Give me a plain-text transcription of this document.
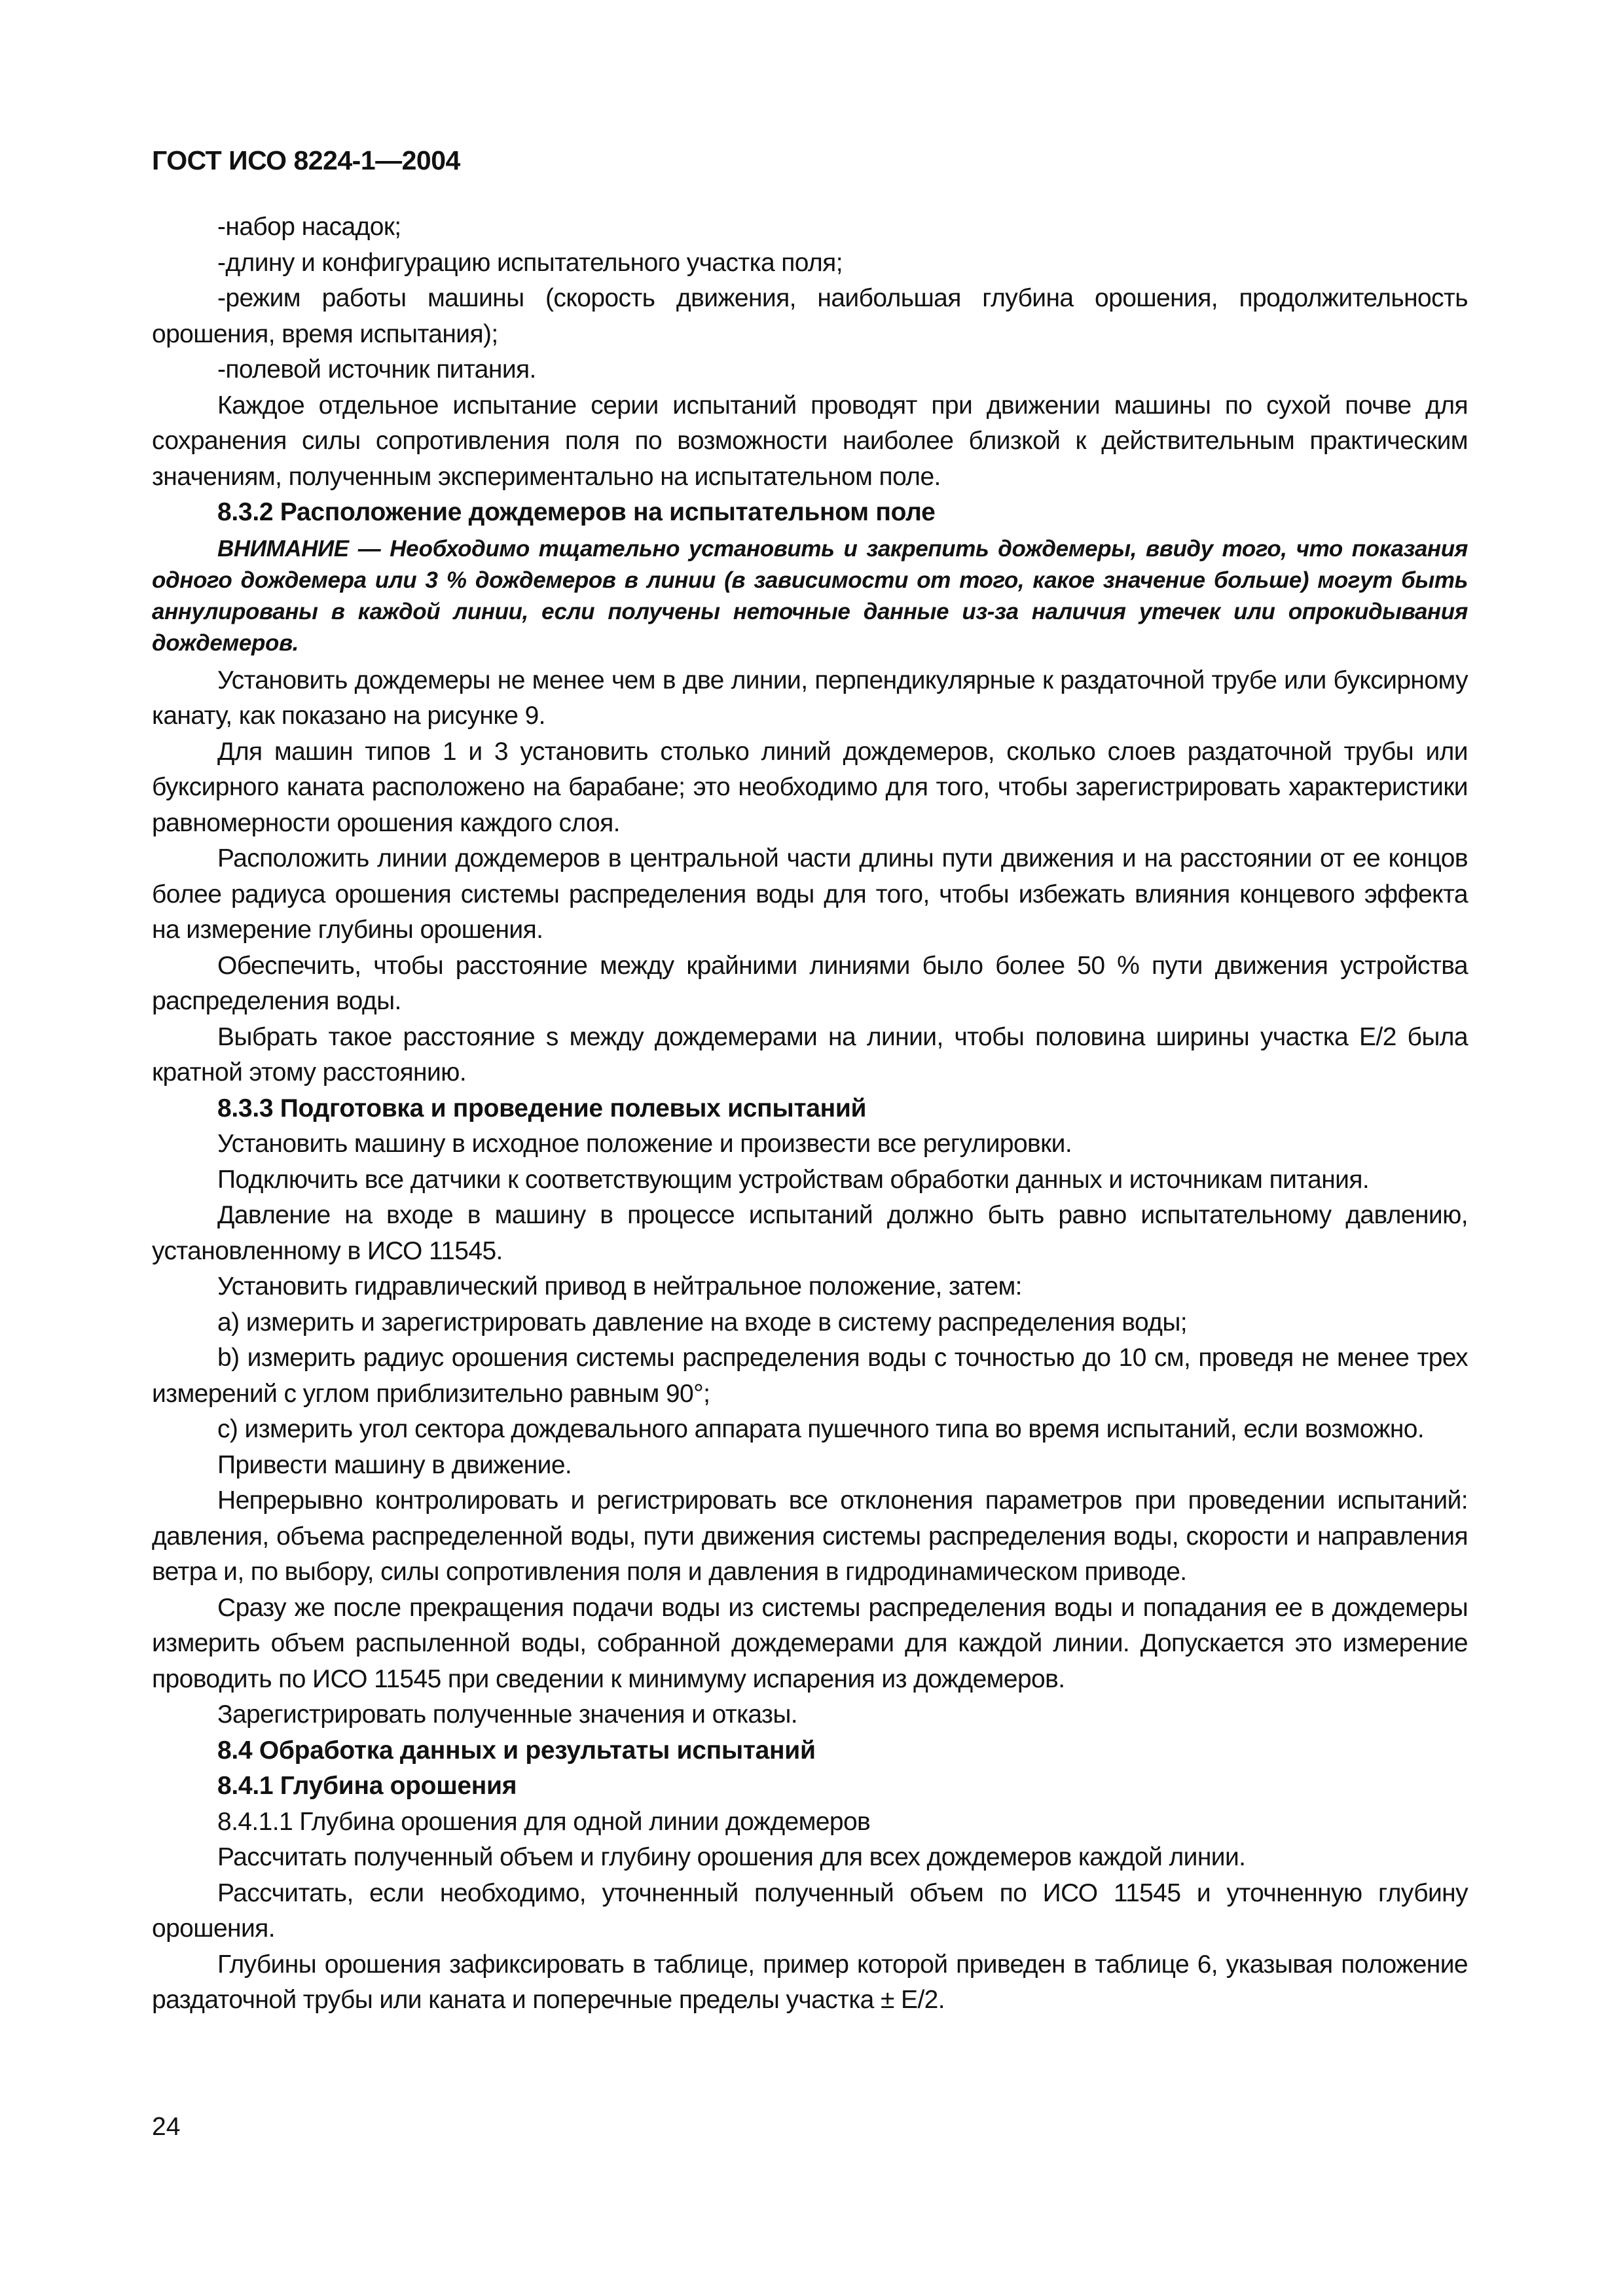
ГОСТ ИСО 8224-1—2004

-набор насадок;

-длину и конфигурацию испытательного участка поля;

-режим работы машины (скорость движения, наибольшая глубина орошения, продолжительность орошения, время испытания);

-полевой источник питания.

Каждое отдельное испытание серии испытаний проводят при движении машины по сухой почве для сохранения силы сопротивления поля по возможности наиболее близкой к действительным практическим значениям, полученным экспериментально на испытательном поле.

8.3.2 Расположение дождемеров на испытательном поле

ВНИМАНИЕ — Необходимо тщательно установить и закрепить дождемеры, ввиду того, что показания одного дождемера или 3 % дождемеров в линии (в зависимости от того, какое значение больше) могут быть аннулированы в каждой линии, если получены неточные данные из-за наличия утечек или опрокидывания дождемеров.

Установить дождемеры не менее чем в две линии, перпендикулярные к раздаточной трубе или буксирному канату, как показано на рисунке 9.

Для машин типов 1 и 3 установить столько линий дождемеров, сколько слоев раздаточной трубы или буксирного каната расположено на барабане; это необходимо для того, чтобы зарегистрировать характеристики равномерности орошения каждого слоя.

Расположить линии дождемеров в центральной части длины пути движения и на расстоянии от ее концов более радиуса орошения системы распределения воды для того, чтобы избежать влияния концевого эффекта на измерение глубины орошения.

Обеспечить, чтобы расстояние между крайними линиями было более 50 % пути движения устройства распределения воды.

Выбрать такое расстояние s между дождемерами на линии, чтобы половина ширины участка E/2 была кратной этому расстоянию.

8.3.3 Подготовка и проведение полевых испытаний

Установить машину в исходное положение и произвести все регулировки.

Подключить все датчики к соответствующим устройствам обработки данных и источникам питания.

Давление на входе в машину в процессе испытаний должно быть равно испытательному давлению, установленному в ИСО 11545.

Установить гидравлический привод в нейтральное положение, затем:

a) измерить и зарегистрировать давление на входе в систему распределения воды;

b) измерить радиус орошения системы распределения воды с точностью до 10 см, проведя не менее трех измерений с углом приблизительно равным 90°;

c) измерить угол сектора дождевального аппарата пушечного типа во время испытаний, если возможно.

Привести машину в движение.

Непрерывно контролировать и регистрировать все отклонения параметров при проведении испытаний: давления, объема распределенной воды, пути движения системы распределения воды, скорости и направления ветра и, по выбору, силы сопротивления поля и давления в гидродинамическом приводе.

Сразу же после прекращения подачи воды из системы распределения воды и попадания ее в дождемеры измерить объем распыленной воды, собранной дождемерами для каждой линии. Допускается это измерение проводить по ИСО 11545 при сведении к минимуму испарения из дождемеров.

Зарегистрировать полученные значения и отказы.

8.4 Обработка данных и результаты испытаний

8.4.1 Глубина орошения

8.4.1.1 Глубина орошения для одной линии дождемеров

Рассчитать полученный объем и глубину орошения для всех дождемеров каждой линии.

Рассчитать, если необходимо, уточненный полученный объем по ИСО 11545 и уточненную глубину орошения.

Глубины орошения зафиксировать в таблице, пример которой приведен в таблице 6, указывая положение раздаточной трубы или каната и поперечные пределы участка ± E/2.

24
